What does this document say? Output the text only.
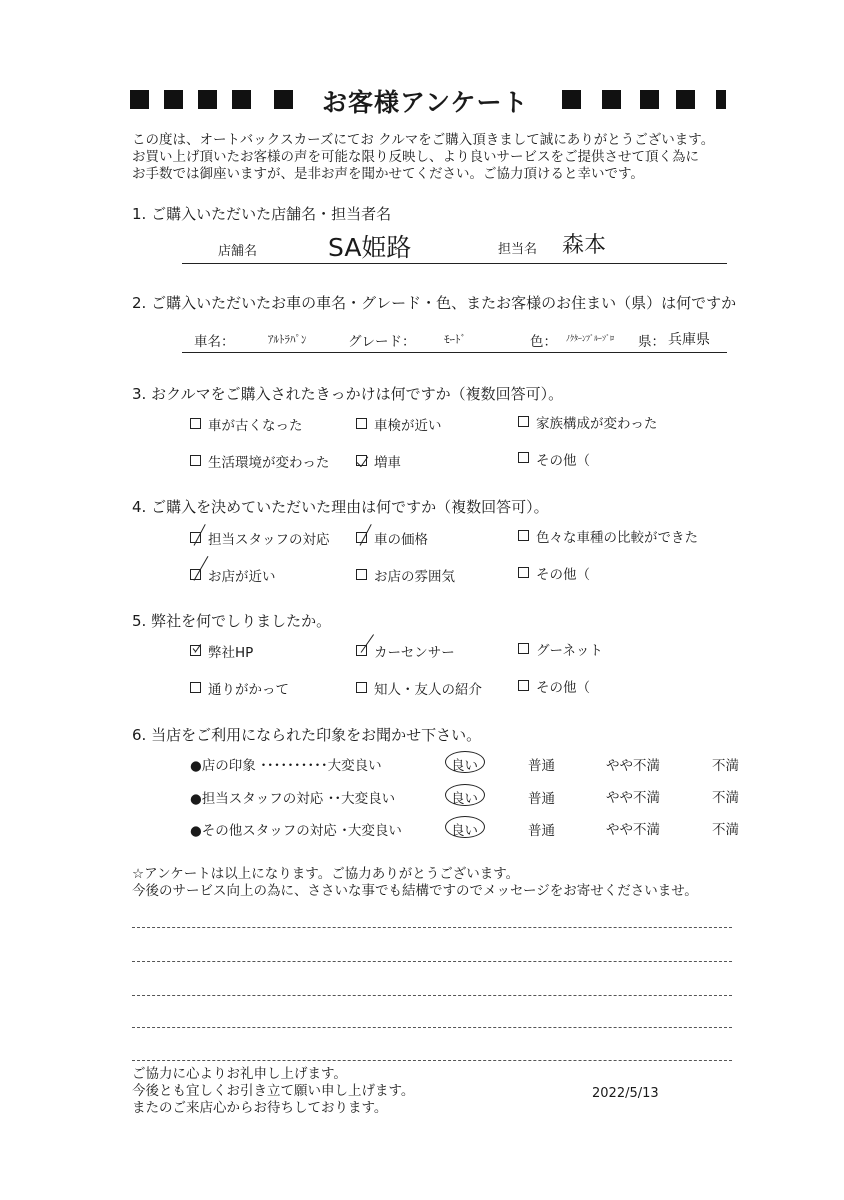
お客様アンケート
この度は、オートバックスカーズにてお クルマをご購入頂きまして誠にありがとうございます。
お買い上げ頂いたお客様の声を可能な限り反映し、より良いサービスをご提供させて頂く為に
お手数では御座いますが、是非お声を聞かせてください。ご協力頂けると幸いです。
1. ご購入いただいた店舗名・担当者名
店舗名	SA姫路	担当名 森本
2. ご購入いただいたお車の車名・グレード・色、またお客様のお住まい（県）は何ですか
車名：	ｱﾙﾄﾗﾊﾟﾝ	グレード：	ﾓｰﾄﾞ	色： ﾉｸﾀｰﾝﾌﾞﾙｰｿﾞﾛ 県： 兵庫県
3. おクルマをご購入されたきっかけは何ですか（複数回答可）。
車が古くなった	車検が近い	家族構成が変わった
生活環境が変わった	増車	その他（
4. ご購入を決めていただいた理由は何ですか（複数回答可）。
担当スタッフの対応	車の価格	色々な車種の比較ができた
お店が近い	お店の雰囲気	その他（
5. 弊社を何でしりましたか。
弊社HP	カーセンサー	グーネット
通りがかって	知人・友人の紹介	その他（
6. 当店をご利用になられた印象をお聞かせ下さい。
●店の印象 ･･････････大変良い	良い	普通	やや不満	不満
●担当スタッフの対応 ･･大変良い	良い	普通	やや不満	不満
●その他スタッフの対応 ･大変良い	良い	普通	やや不満	不満
☆アンケートは以上になります。ご協力ありがとうございます。
今後のサービス向上の為に、ささいな事でも結構ですのでメッセージをお寄せくださいませ。
ご協力に心よりお礼申し上げます。
今後とも宜しくお引き立て願い申し上げます。
またのご来店心からお待ちしております。
2022/5/13
